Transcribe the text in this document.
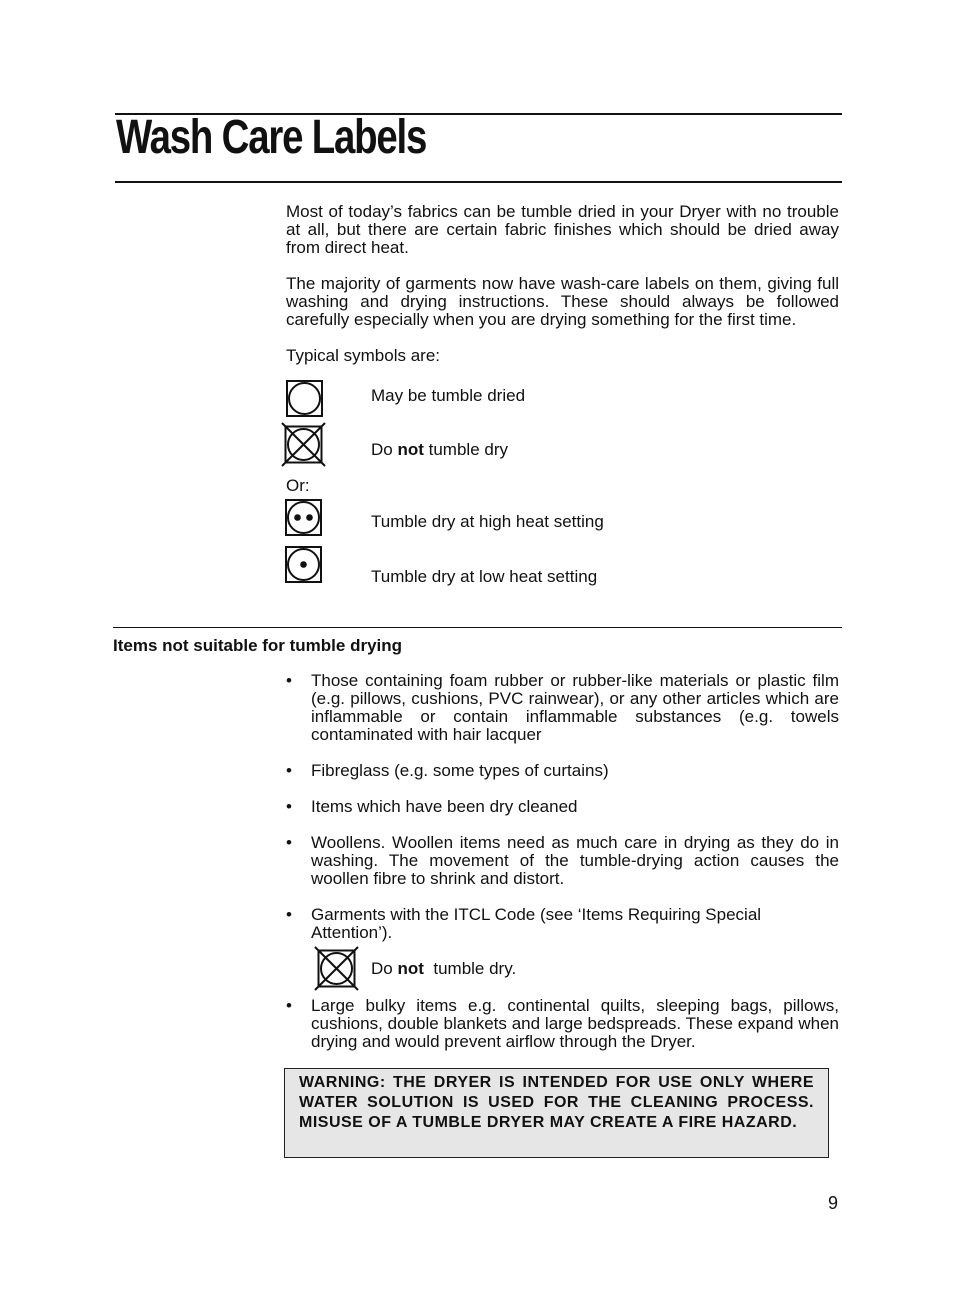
Wash Care Labels

Most of today’s fabrics can be tumble dried in your Dryer with no trouble at all, but there are certain fabric finishes which should be dried away from direct heat.

The majority of garments now have wash-care labels on them, giving full washing and drying instructions. These should always be followed carefully especially when you are drying something for the first time.

Typical symbols are:

May be tumble dried

Do not tumble dry

Or:

Tumble dry at high heat setting

Tumble dry at low heat setting

Items not suitable for tumble drying

• Those containing foam rubber or rubber-like materials or plastic film (e.g. pillows, cushions, PVC rainwear), or any other articles which are inflammable or contain inflammable substances (e.g. towels contaminated with hair lacquer
• Fibreglass (e.g. some types of curtains)
• Items which have been dry cleaned
• Woollens. Woollen items need as much care in drying as they do in washing. The movement of the tumble-drying action causes the woollen fibre to shrink and distort.
• Garments with the ITCL Code (see ‘Items Requiring Special Attention’).

Do not  tumble dry.

• Large bulky items e.g. continental quilts, sleeping bags, pillows, cushions, double blankets and large bedspreads. These expand when drying and would prevent airflow through the Dryer.
WARNING: THE DRYER IS INTENDED FOR USE ONLY WHERE WATER SOLUTION IS USED FOR THE CLEANING PROCESS. MISUSE OF A TUMBLE DRYER MAY CREATE A FIRE HAZARD.
9
